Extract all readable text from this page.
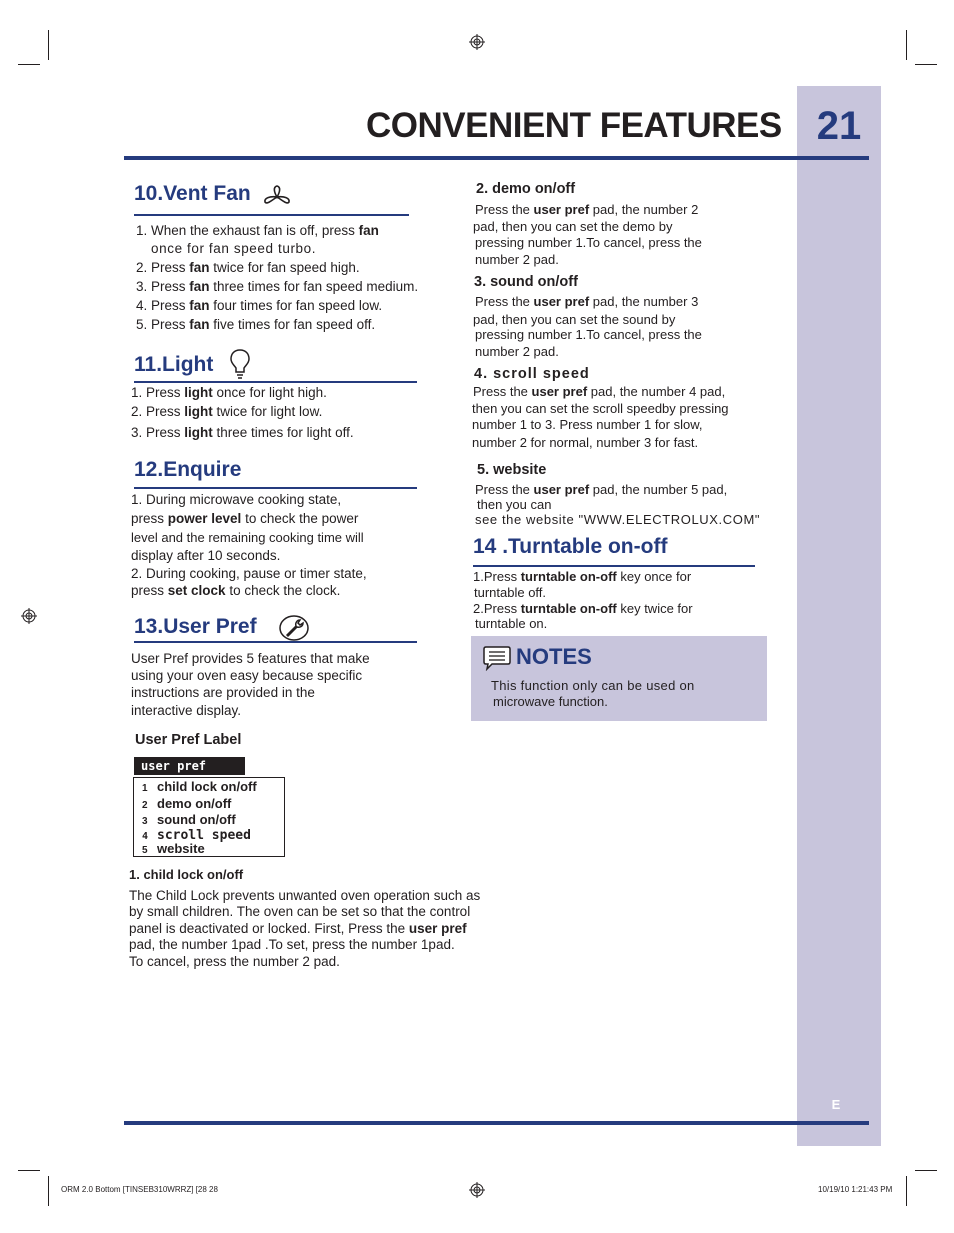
21
E
CONVENIENT FEATURES
10.Vent Fan
1. When the exhaust fan is off, press fan
once for fan speed turbo.
2. Press fan twice for fan speed high.
3. Press fan three times for fan speed medium.
4. Press fan four times for fan speed low.
5. Press fan five times for fan speed off.
11.Light
1. Press light once for light high.
2. Press light twice for light low.
3. Press light three times for light off.
12.Enquire
1. During microwave cooking state,
press power level to check the power
level and the remaining cooking time will
display after 10 seconds.
2. During cooking, pause or timer state,
press set clock to check the clock.
13.User Pref
User Pref provides 5 features that make
using your oven easy because specific
instructions are provided in the
interactive display.
User Pref Label
user pref
1 child lock on/off
2 demo on/off
3 sound on/off
4 scroll speed
5 website
1. child lock on/off
The Child Lock prevents unwanted oven operation such as
by small children. The oven can be set so that the control
panel is deactivated or locked. First, Press the user pref
pad, the number 1pad .To set, press the number 1pad.
To cancel, press the number 2 pad.
2. demo on/off
Press the user pref pad, the number 2
pad, then you can set the demo by
pressing number 1.To cancel, press the
number 2 pad.
3. sound on/off
Press the user pref pad, the number 3
pad, then you can set the sound by
pressing number 1.To cancel, press the
number 2 pad.
4. scroll speed
Press the user pref pad, the number 4 pad,
then you can set the scroll speedby pressing
number 1 to 3. Press number 1 for slow,
number 2 for normal, number 3 for fast.
5. website
Press the user pref pad, the number 5 pad,
then you can
see the website "WWW.ELECTROLUX.COM"
14 .Turntable on-off
1.Press turntable on-off key once for
turntable off.
2.Press turntable on-off key twice for
turntable on.
NOTES
This function only can be used on
microwave function.
ORM 2.0 Bottom [TINSEB310WRRZ] [28 28	10/19/10 1:21:43 PM
